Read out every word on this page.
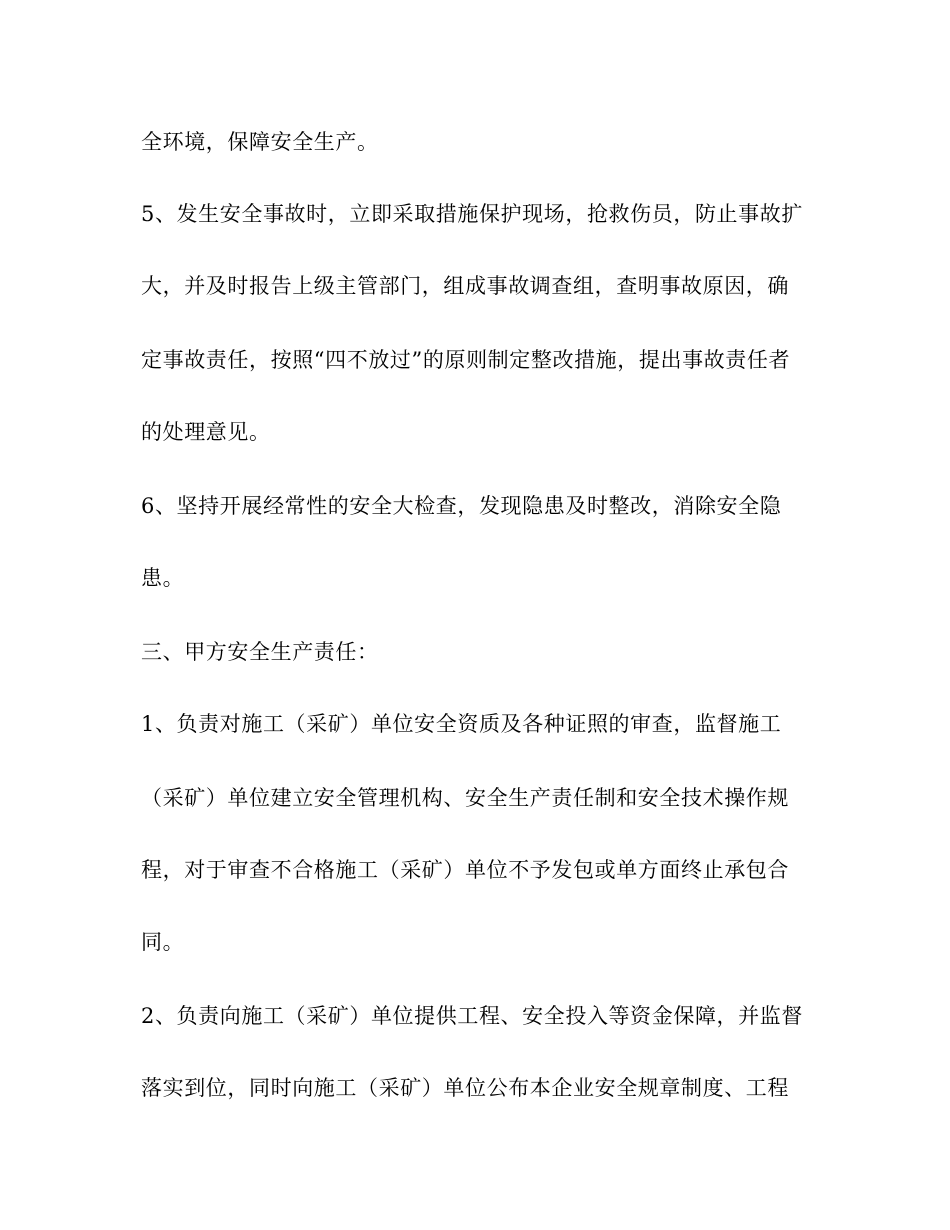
全环境，保障安全生产。
5、发生安全事故时，立即采取措施保护现场，抢救伤员，防止事故扩
大，并及时报告上级主管部门，组成事故调查组，查明事故原因，确
定事故责任，按照“四不放过”的原则制定整改措施，提出事故责任者
的处理意见。
6、坚持开展经常性的安全大检查，发现隐患及时整改，消除安全隐
患。
三、甲方安全生产责任：
1、负责对施工（采矿）单位安全资质及各种证照的审查，监督施工
（采矿）单位建立安全管理机构、安全生产责任制和安全技术操作规
程，对于审查不合格施工（采矿）单位不予发包或单方面终止承包合
同。
2、负责向施工（采矿）单位提供工程、安全投入等资金保障，并监督
落实到位，同时向施工（采矿）单位公布本企业安全规章制度、工程
